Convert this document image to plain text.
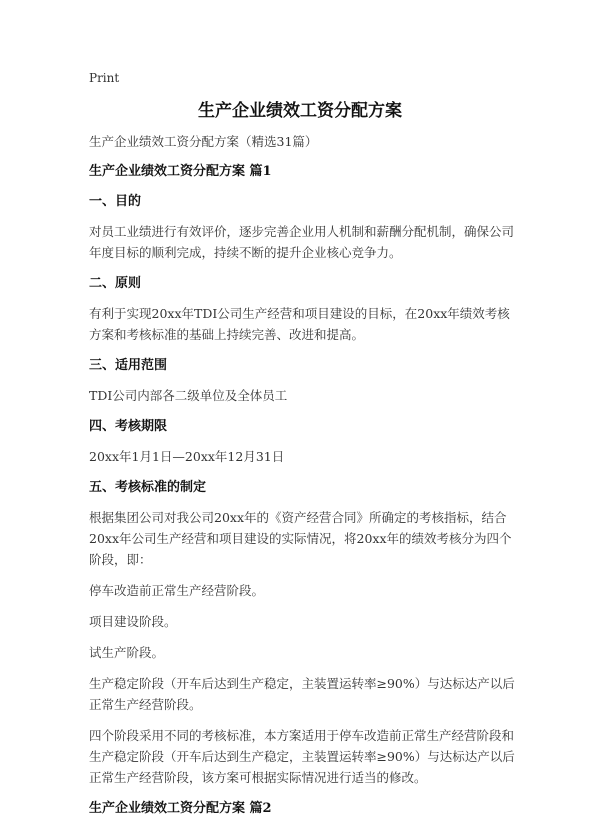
Print
生产企业绩效工资分配方案

生产企业绩效工资分配方案（精选31篇）

生产企业绩效工资分配方案 篇1
一、目的

对员工业绩进行有效评价，逐步完善企业用人机制和薪酬分配机制，确保公司年度目标的顺利完成，持续不断的提升企业核心竞争力。

二、原则

有利于实现20xx年TDI公司生产经营和项目建设的目标，在20xx年绩效考核方案和考核标准的基础上持续完善、改进和提高。

三、适用范围

TDI公司内部各二级单位及全体员工

四、考核期限

20xx年1月1日—20xx年12月31日

五、考核标准的制定

根据集团公司对我公司20xx年的《资产经营合同》所确定的考核指标，结合20xx年公司生产经营和项目建设的实际情况，将20xx年的绩效考核分为四个阶段，即：

停车改造前正常生产经营阶段。

项目建设阶段。

试生产阶段。

生产稳定阶段（开车后达到生产稳定，主装置运转率≥90%）与达标达产以后正常生产经营阶段。

四个阶段采用不同的考核标准，本方案适用于停车改造前正常生产经营阶段和生产稳定阶段（开车后达到生产稳定，主装置运转率≥90%）与达标达产以后正常生产经营阶段，该方案可根据实际情况进行适当的修改。

生产企业绩效工资分配方案 篇2
